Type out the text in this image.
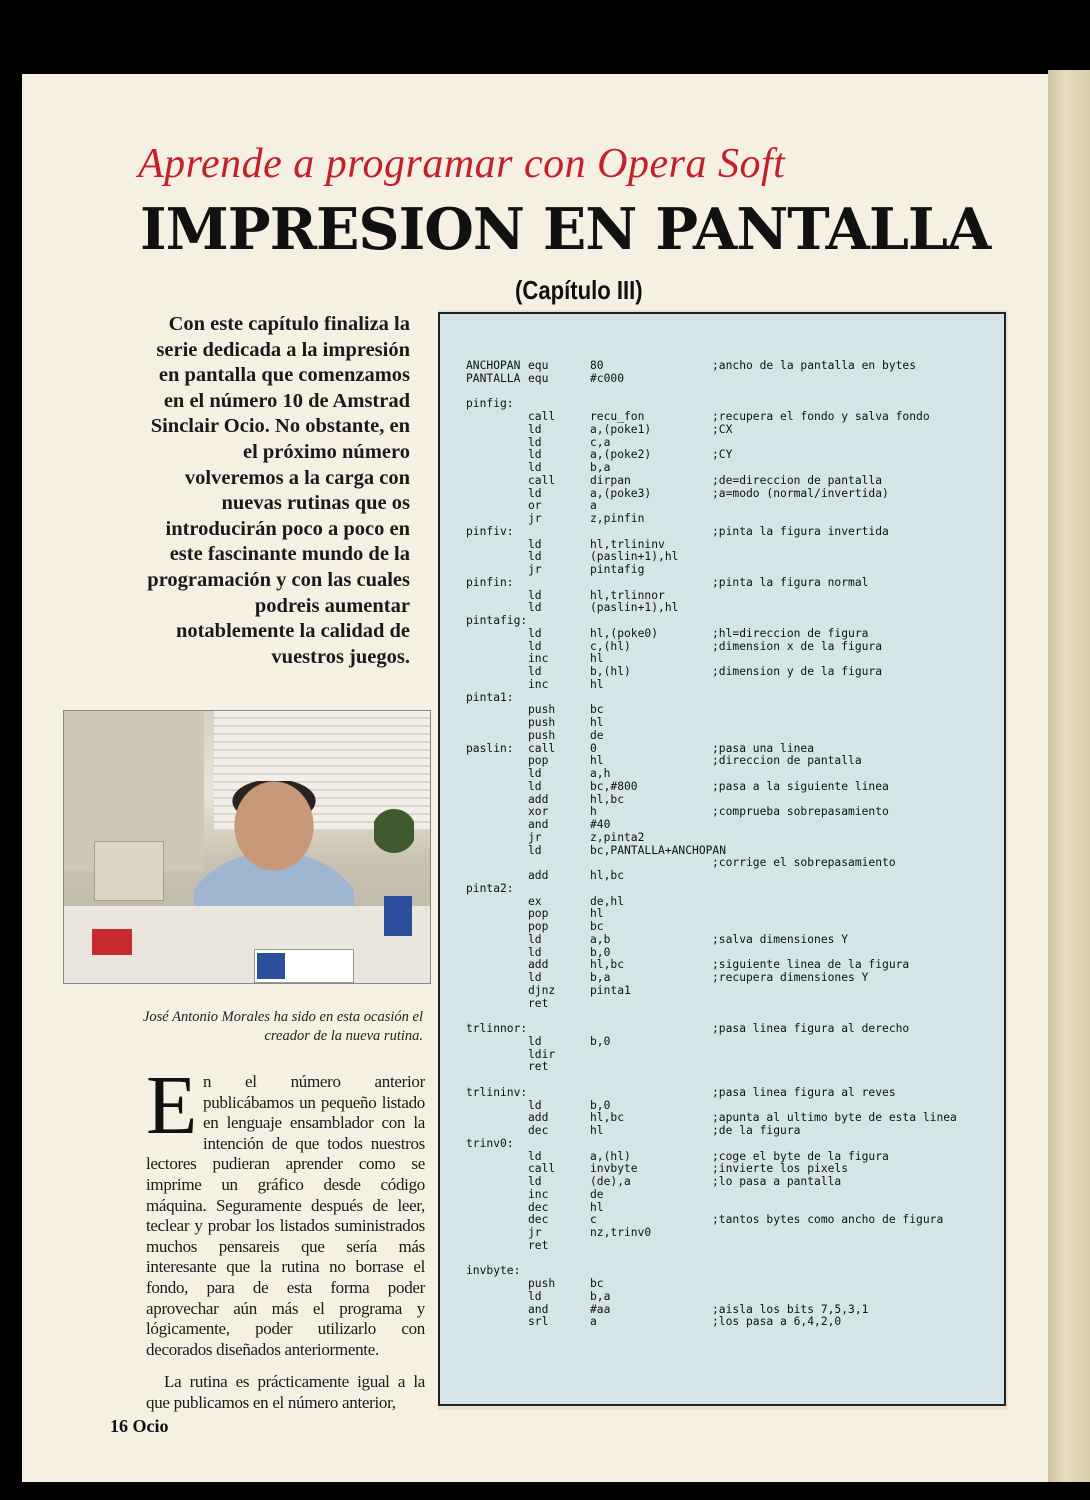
Aprende a programar con Opera Soft
IMPRESION EN PANTALLA
(Capítulo III)
Con este capítulo finaliza la serie dedicada a la impresión en pantalla que comenzamos en el número 10 de Amstrad Sinclair Ocio. No obstante, en el próximo número volveremos a la carga con nuevas rutinas que os introducirán poco a poco en este fascinante mundo de la programación y con las cuales podreis aumentar notablemente la calidad de vuestros juegos.
José Antonio Morales ha sido en esta ocasión el creador de la nueva rutina.

En el número anterior publicábamos un pequeño listado en lenguaje ensamblador con la intención de que todos nuestros lectores pudieran aprender como se imprime un gráfico desde código máquina. Seguramente después de leer, teclear y probar los listados suministrados muchos pensareis que sería más interesante que la rutina no borrase el fondo, para de esta forma poder aprovechar aún más el programa y lógicamente, poder utilizarlo con decorados diseñados anteriormente.

La rutina es prácticamente igual a la que publicamos en el número anterior,

16 Ocio
ANCHOPAN equ	80	;ancho de la pantalla en bytes
PANTALLA equ	#c000
pinfig:
call	recu_fon	;recupera el fondo y salva fondo
ld	a,(poke1)	;CX
ld	c,a
ld	a,(poke2)	;CY
ld	b,a
call	dirpan	;de=direccion de pantalla
ld	a,(poke3)	;a=modo (normal/invertida)
or	a
jr	z,pinfin
pinfiv:	;pinta la figura invertida
ld	hl,trlininv
ld	(paslin+1),hl
jr	pintafig
pinfin:	;pinta la figura normal
ld	hl,trlinnor
ld	(paslin+1),hl
pintafig:
ld	hl,(poke0)	;hl=direccion de figura
ld	c,(hl)	;dimension x de la figura
inc	hl
ld	b,(hl)	;dimension y de la figura
inc	hl
pinta1:
push	bc
push	hl
push	de
paslin: call	0	;pasa una linea
pop	hl	;direccion de pantalla
ld	a,h
ld	bc,#800	;pasa a la siguiente linea
add	hl,bc
xor	h	;comprueba sobrepasamiento
and	#40
jr	z,pinta2
ld	bc,PANTALLA+ANCHOPAN
;corrige el sobrepasamiento
add	hl,bc
pinta2:
ex	de,hl
pop	hl
pop	bc
ld	a,b	;salva dimensiones Y
ld	b,0
add	hl,bc	;siguiente linea de la figura
ld	b,a	;recupera dimensiones Y
djnz	pinta1
ret
trlinnor:	;pasa linea figura al derecho
ld	b,0
ldir
ret
trlininv:	;pasa linea figura al reves
ld	b,0
add	hl,bc	;apunta al ultimo byte de esta linea
dec	hl	;de la figura
trinv0:
ld	a,(hl)	;coge el byte de la figura
call	invbyte	;invierte los pixels
ld	(de),a	;lo pasa a pantalla
inc	de
dec	hl
dec	c	;tantos bytes como ancho de figura
jr	nz,trinv0
ret
invbyte:
push	bc
ld	b,a
and	#aa	;aisla los bits 7,5,3,1
srl	a	;los pasa a 6,4,2,0
